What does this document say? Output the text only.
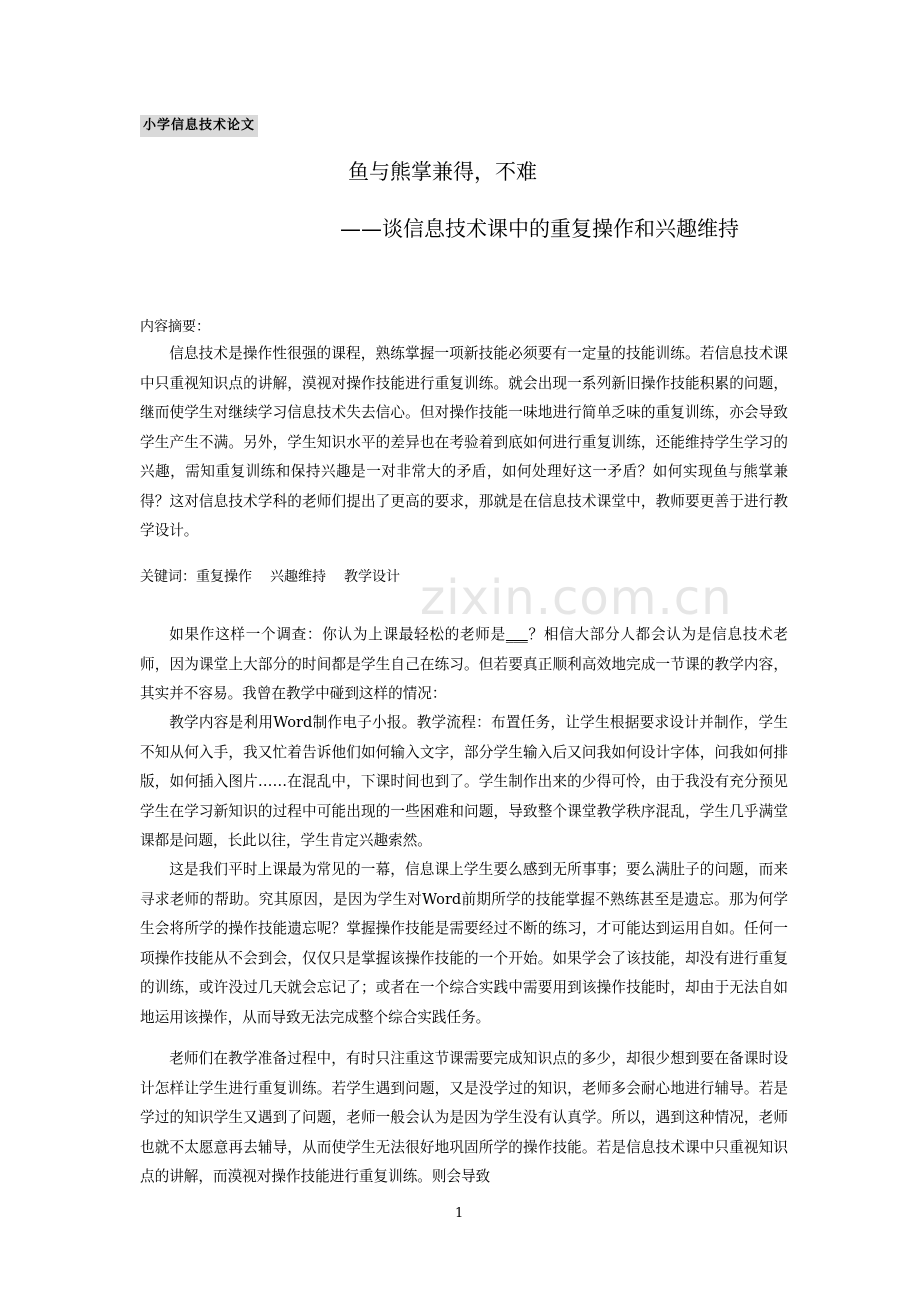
zixin.com.cn
小学信息技术论文
鱼与熊掌兼得，不难
——谈信息技术课中的重复操作和兴趣维持
内容摘要：

信息技术是操作性很强的课程，熟练掌握一项新技能必须要有一定量的技能训练。若信息技术课中只重视知识点的讲解，漠视对操作技能进行重复训练。就会出现一系列新旧操作技能积累的问题，继而使学生对继续学习信息技术失去信心。但对操作技能一味地进行简单乏味的重复训练，亦会导致学生产生不满。另外，学生知识水平的差异也在考验着到底如何进行重复训练，还能维持学生学习的兴趣，需知重复训练和保持兴趣是一对非常大的矛盾，如何处理好这一矛盾？如何实现鱼与熊掌兼得？这对信息技术学科的老师们提出了更高的要求，那就是在信息技术课堂中，教师要更善于进行教学设计。

关键词：重复操作 兴趣维持 教学设计

如果作这样一个调查：你认为上课最轻松的老师是___？相信大部分人都会认为是信息技术老师，因为课堂上大部分的时间都是学生自己在练习。但若要真正顺利高效地完成一节课的教学内容，其实并不容易。我曾在教学中碰到这样的情况：

教学内容是利用Word制作电子小报。教学流程：布置任务，让学生根据要求设计并制作，学生不知从何入手，我又忙着告诉他们如何输入文字，部分学生输入后又问我如何设计字体，问我如何排版，如何插入图片……在混乱中，下课时间也到了。学生制作出来的少得可怜，由于我没有充分预见学生在学习新知识的过程中可能出现的一些困难和问题，导致整个课堂教学秩序混乱，学生几乎满堂课都是问题，长此以往，学生肯定兴趣索然。

这是我们平时上课最为常见的一幕，信息课上学生要么感到无所事事；要么满肚子的问题，而来寻求老师的帮助。究其原因，是因为学生对Word前期所学的技能掌握不熟练甚至是遗忘。那为何学生会将所学的操作技能遗忘呢？掌握操作技能是需要经过不断的练习，才可能达到运用自如。任何一项操作技能从不会到会，仅仅只是掌握该操作技能的一个开始。如果学会了该技能，却没有进行重复的训练，或许没过几天就会忘记了；或者在一个综合实践中需要用到该操作技能时，却由于无法自如地运用该操作，从而导致无法完成整个综合实践任务。

老师们在教学准备过程中，有时只注重这节课需要完成知识点的多少，却很少想到要在备课时设计怎样让学生进行重复训练。若学生遇到问题，又是没学过的知识，老师多会耐心地进行辅导。若是学过的知识学生又遇到了问题，老师一般会认为是因为学生没有认真学。所以，遇到这种情况，老师也就不太愿意再去辅导，从而使学生无法很好地巩固所学的操作技能。若是信息技术课中只重视知识点的讲解，而漠视对操作技能进行重复训练。则会导致

1
